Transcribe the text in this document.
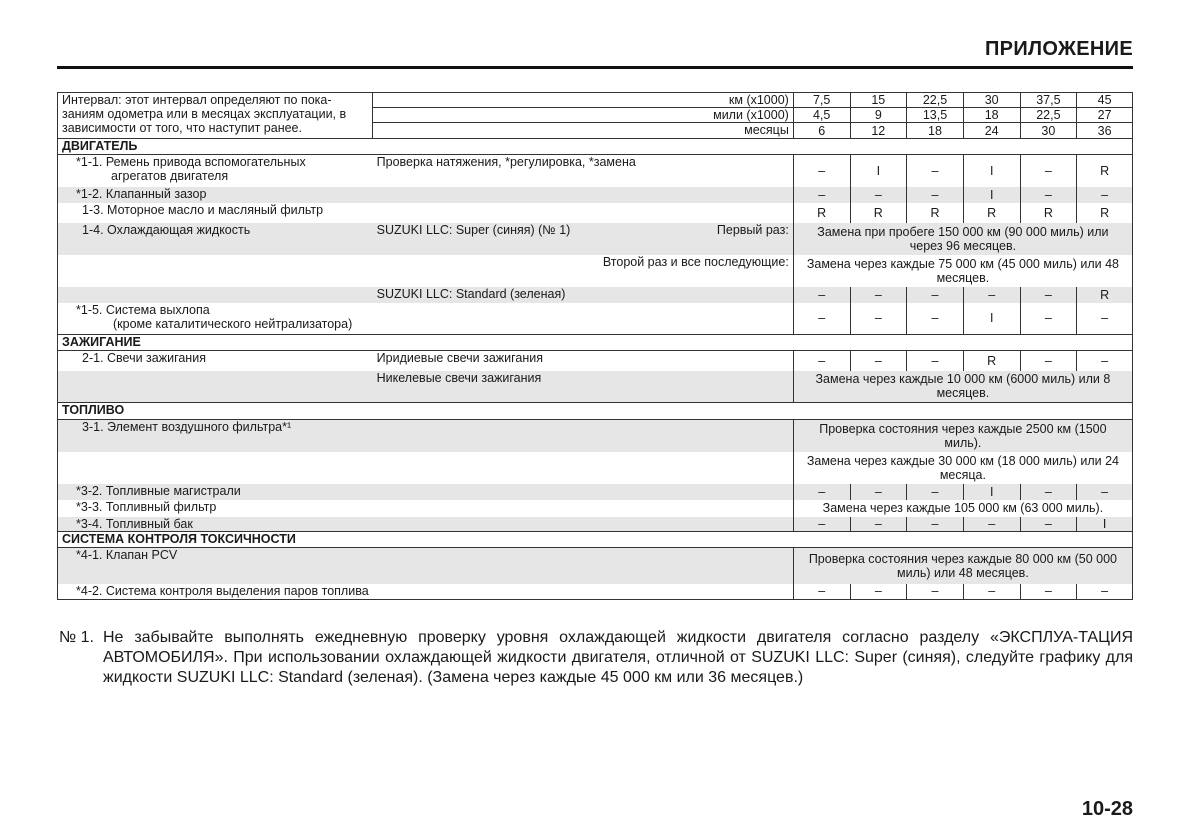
ПРИЛОЖЕНИЕ
Интервал: этот интервал определяют по пока-заниям одометра или в месяцах эксплуатации, в зависимости от того, что наступит ранее.	км (x1000)	7,5	15	22,5	30	37,5	45
	мили (x1000)	4,5	9	13,5	18	22,5	27
	месяцы	6	12	18	24	30	36
ДВИГАТЕЛЬ							
*1-1. Ремень привода вспомогательных
агрегатов двигателя	Проверка натяжения, *регулировка, *замена	–	I	–	I	–	R
*1-2. Клапанный зазор		–	–	–	I	–	–
1-3. Моторное масло и масляный фильтр		R	R	R	R	R	R
1-4. Охлаждающая жидкость	SUZUKI LLC: Super (синяя) (№ 1) Первый раз:	Замена при пробеге 150 000 км (90 000 миль) или через 96 месяцев.					
	Второй раз и все последующие:	Замена через каждые 75 000 км (45 000 миль) или 48 месяцев.					
	SUZUKI LLC: Standard (зеленая)	–	–	–	–	–	R
*1-5. Система выхлопа
(кроме каталитического нейтрализатора)		–	–	–	I	–	–
ЗАЖИГАНИЕ							
2-1. Свечи зажигания	Иридиевые свечи зажигания	–	–	–	R	–	–
	Никелевые свечи зажигания	Замена через каждые 10 000 км (6000 миль) или 8 месяцев.					
ТОПЛИВО							
3-1. Элемент воздушного фильтра*¹		Проверка состояния через каждые 2500 км (1500 миль).					
		Замена через каждые 30 000 км (18 000 миль) или 24 месяца.					
*3-2. Топливные магистрали		–	–	–	I	–	–
*3-3. Топливный фильтр		Замена через каждые 105 000 км (63 000 миль).					
*3-4. Топливный бак		–	–	–	–	–	I
СИСТЕМА КОНТРОЛЯ ТОКСИЧНОСТИ							
*4-1. Клапан PCV		Проверка состояния через каждые 80 000 км (50 000 миль) или 48 месяцев.					
*4-2. Система контроля выделения паров топлива		–	–	–	–	–	–
№ 1. Не забывайте выполнять ежедневную проверку уровня охлаждающей жидкости двигателя согласно разделу «ЭКСПЛУА-ТАЦИЯ АВТОМОБИЛЯ». При использовании охлаждающей жидкости двигателя, отличной от SUZUKI LLC: Super (синяя), следуйте графику для жидкости SUZUKI LLC: Standard (зеленая). (Замена через каждые 45 000 км или 36 месяцев.)
10-28
